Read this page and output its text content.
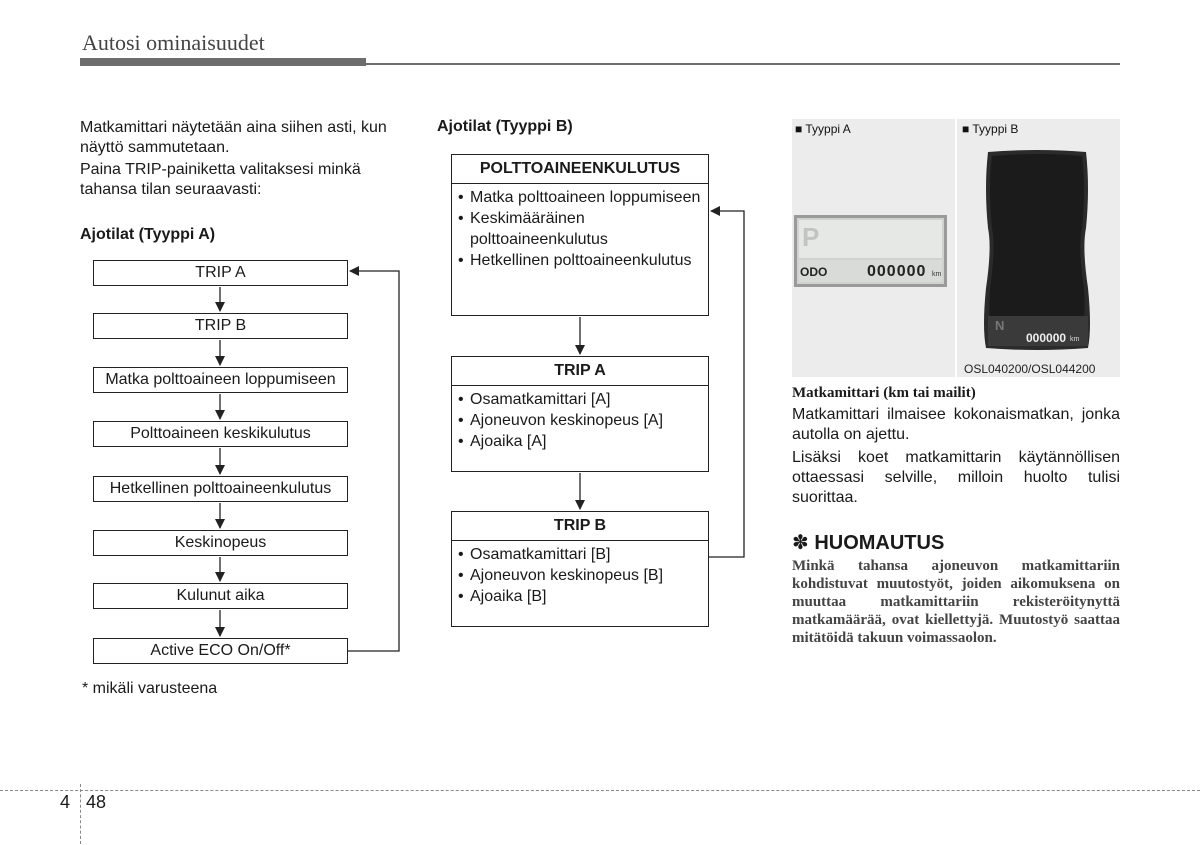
Autosi ominaisuudet
Matkamittari näytetään aina siihen asti, kun näyttö sammutetaan.
Paina TRIP-painiketta valitaksesi minkä tahansa tilan seuraavasti:
Ajotilat (Tyyppi A)
TRIP A
TRIP B
Matka polttoaineen loppumiseen
Polttoaineen keskikulutus
Hetkellinen polttoaineenkulutus
Keskinopeus
Kulunut aika
Active ECO On/Off*
* mikäli varusteena
Ajotilat (Tyyppi B)
POLTTOAINEENKULUTUS
• Matka polttoaineen loppumiseen
• Keskimääräinen polttoaineenkulutus
• Hetkellinen polttoaineenkulutus
TRIP A
• Osamatkamittari [A]
• Ajoneuvon keskinopeus [A]
• Ajoaika [A]
TRIP B
• Osamatkamittari [B]
• Ajoneuvon keskinopeus [B]
• Ajoaika [B]
■ Tyyppi A	■ Tyyppi B
P
ODO 000000 km
N
000000 km
OSL040200/OSL044200
Matkamittari (km tai mailit)
Matkamittari ilmaisee kokonaismatkan, jonka autolla on ajettu.
Lisäksi koet matkamittarin käytännöllisen ottaessasi selville, milloin huolto tulisi suorittaa.
✽ HUOMAUTUS
Minkä tahansa ajoneuvon matkamittariin kohdistuvat muutostyöt, joiden aikomuksena on muuttaa matkamittariin rekisteröitynyttä matkamäärää, ovat kiellettyjä. Muutostyö saattaa mitätöidä takuun voimassaolon.
4 48
